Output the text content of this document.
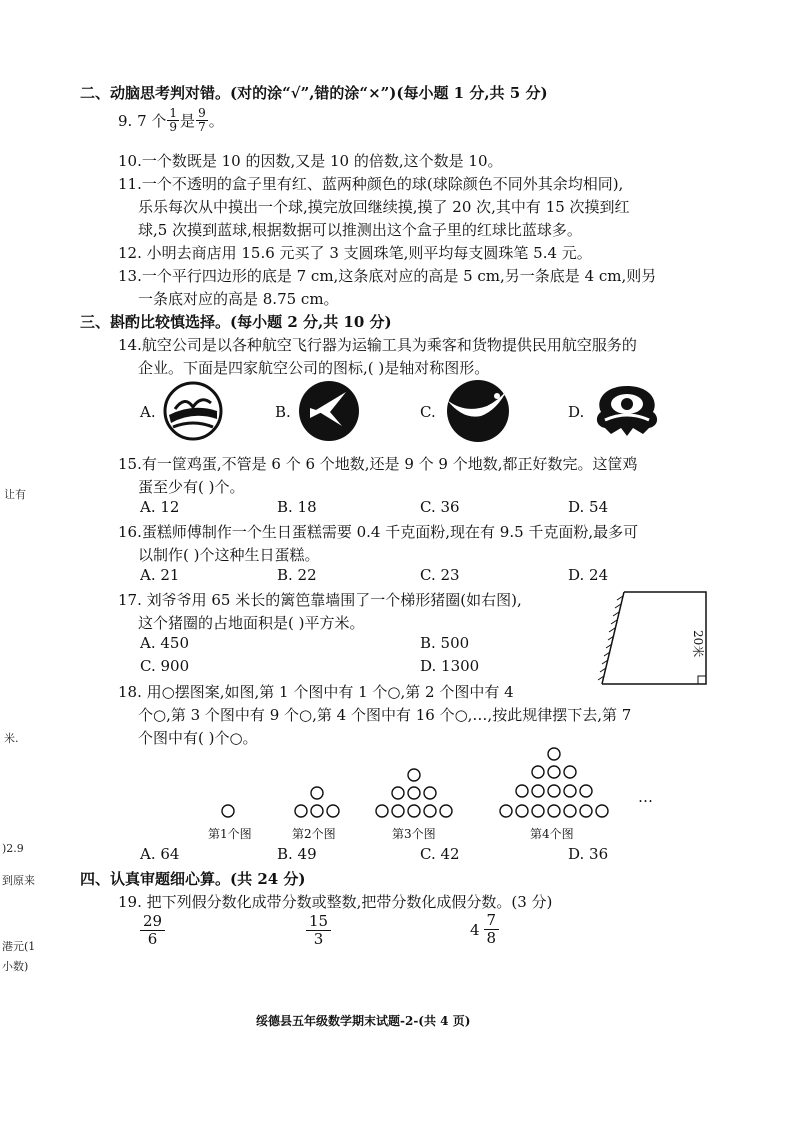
让有
米.
)2.9
到原来
港元(1
小数)
二、动脑思考判对错。(对的涂“√”,错的涂“×”)(每小题 1 分,共 5 分)
9. 7 个 $\frac{1}{9}$ 是 $\frac{9}{7}$ 。
10.一个数既是 10 的因数,又是 10 的倍数,这个数是 10。
11.一个不透明的盒子里有红、蓝两种颜色的球(球除颜色不同外其余均相同),
乐乐每次从中摸出一个球,摸完放回继续摸,摸了 20 次,其中有 15 次摸到红
球,5 次摸到蓝球,根据数据可以推测出这个盒子里的红球比蓝球多。
12. 小明去商店用 15.6 元买了 3 支圆珠笔,则平均每支圆珠笔 5.4 元。
13.一个平行四边形的底是 7 cm,这条底对应的高是 5 cm,另一条底是 4 cm,则另
一条底对应的高是 8.75 cm。
三、斟酌比较慎选择。(每小题 2 分,共 10 分)
14.航空公司是以各种航空飞行器为运输工具为乘客和货物提供民用航空服务的
企业。下面是四家航空公司的图标,( )是轴对称图形。
A.	B.	C.	D.
15.有一筐鸡蛋,不管是 6 个 6 个地数,还是 9 个 9 个地数,都正好数完。这筐鸡
蛋至少有( )个。
A. 12	B. 18	C. 36	D. 54
16.蛋糕师傅制作一个生日蛋糕需要 0.4 千克面粉,现在有 9.5 千克面粉,最多可
以制作( )个这种生日蛋糕。
A. 21	B. 22	C. 23	D. 24
17. 刘爷爷用 65 米长的篱笆靠墙围了一个梯形猪圈(如右图),
这个猪圈的占地面积是( )平方米。
A. 450	B. 500
C. 900	D. 1300
20米
18. 用○摆图案,如图,第 1 个图中有 1 个○,第 2 个图中有 4
个○,第 3 个图中有 9 个○,第 4 个图中有 16 个○,…,按此规律摆下去,第 7
个图中有( )个○。
…
第1个图	第2个图	第3个图	第4个图
A. 64	B. 49	C. 42	D. 36
四、认真审题细心算。(共 24 分)
19. 把下列假分数化成带分数或整数,把带分数化成假分数。(3 分)
$\frac{29}{6}$	$\frac{15}{3}$	$4 \frac{7}{8}$
绥德县五年级数学期末试题-2-(共 4 页)
